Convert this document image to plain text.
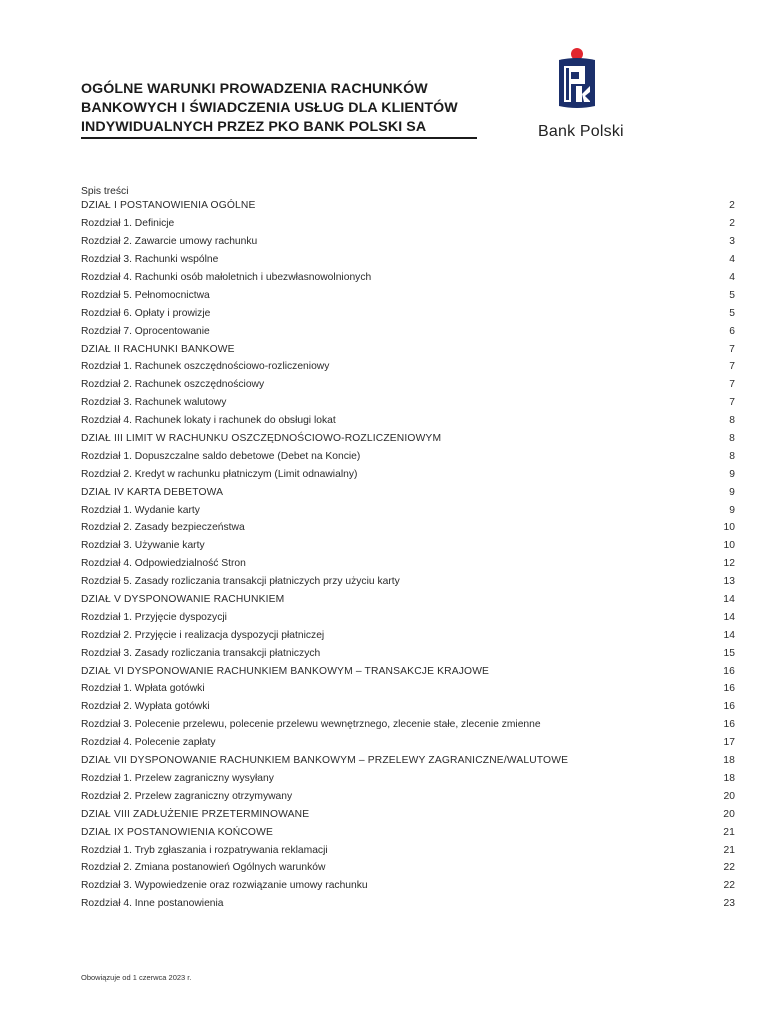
OGÓLNE WARUNKI PROWADZENIA RACHUNKÓW
BANKOWYCH I ŚWIADCZENIA USŁUG DLA KLIENTÓW
INDYWIDUALNYCH PRZEZ PKO BANK POLSKI SA	Bank Polski
Spis treści
DZIAŁ I POSTANOWIENIA OGÓLNE	2
Rozdział 1. Definicje	2
Rozdział 2. Zawarcie umowy rachunku	3
Rozdział 3. Rachunki wspólne	4
Rozdział 4. Rachunki osób małoletnich i ubezwłasnowolnionych	4
Rozdział 5. Pełnomocnictwa	5
Rozdział 6. Opłaty i prowizje	5
Rozdział 7. Oprocentowanie	6
DZIAŁ II RACHUNKI BANKOWE	7
Rozdział 1. Rachunek oszczędnościowo-rozliczeniowy	7
Rozdział 2. Rachunek oszczędnościowy	7
Rozdział 3. Rachunek walutowy	7
Rozdział 4. Rachunek lokaty i rachunek do obsługi lokat	8
DZIAŁ III LIMIT W RACHUNKU OSZCZĘDNOŚCIOWO-ROZLICZENIOWYM	8
Rozdział 1. Dopuszczalne saldo debetowe (Debet na Koncie)	8
Rozdział 2. Kredyt w rachunku płatniczym (Limit odnawialny)	9
DZIAŁ IV KARTA DEBETOWA	9
Rozdział 1. Wydanie karty	9
Rozdział 2. Zasady bezpieczeństwa	10
Rozdział 3. Używanie karty	10
Rozdział 4. Odpowiedzialność Stron	12
Rozdział 5. Zasady rozliczania transakcji płatniczych przy użyciu karty	13
DZIAŁ V DYSPONOWANIE RACHUNKIEM	14
Rozdział 1. Przyjęcie dyspozycji	14
Rozdział 2. Przyjęcie i realizacja dyspozycji płatniczej	14
Rozdział 3. Zasady rozliczania transakcji płatniczych	15
DZIAŁ VI DYSPONOWANIE RACHUNKIEM BANKOWYM – TRANSAKCJE KRAJOWE	16
Rozdział 1. Wpłata gotówki	16
Rozdział 2. Wypłata gotówki	16
Rozdział 3. Polecenie przelewu, polecenie przelewu wewnętrznego, zlecenie stałe, zlecenie zmienne	16
Rozdział 4. Polecenie zapłaty	17
DZIAŁ VII DYSPONOWANIE RACHUNKIEM BANKOWYM – PRZELEWY ZAGRANICZNE/WALUTOWE	18
Rozdział 1. Przelew zagraniczny wysyłany	18
Rozdział 2. Przelew zagraniczny otrzymywany	20
DZIAŁ VIII ZADŁUŻENIE PRZETERMINOWANE	20
DZIAŁ IX POSTANOWIENIA KOŃCOWE	21
Rozdział 1. Tryb zgłaszania i rozpatrywania reklamacji	21
Rozdział 2. Zmiana postanowień Ogólnych warunków	22
Rozdział 3. Wypowiedzenie oraz rozwiązanie umowy rachunku	22
Rozdział 4. Inne postanowienia	23
Obowiązuje od 1 czerwca 2023 r.
